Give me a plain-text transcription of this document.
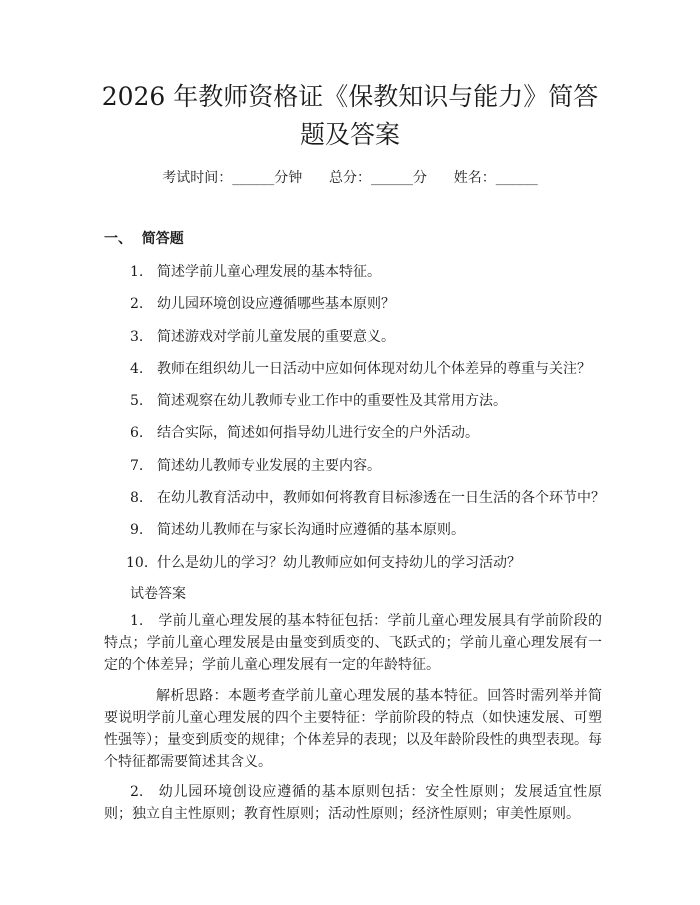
2026 年教师资格证《保教知识与能力》简答题及答案
考试时间：______分钟      总分：______分      姓名：______
一、  简答题
1. 简述学前儿童心理发展的基本特征。
2. 幼儿园环境创设应遵循哪些基本原则？
3. 简述游戏对学前儿童发展的重要意义。
4. 教师在组织幼儿一日活动中应如何体现对幼儿个体差异的尊重与关注？
5. 简述观察在幼儿教师专业工作中的重要性及其常用方法。
6. 结合实际，简述如何指导幼儿进行安全的户外活动。
7. 简述幼儿教师专业发展的主要内容。
8. 在幼儿教育活动中，教师如何将教育目标渗透在一日生活的各个环节中？
9. 简述幼儿教师在与家长沟通时应遵循的基本原则。
10. 什么是幼儿的学习？幼儿教师应如何支持幼儿的学习活动？
试卷答案

1. 学前儿童心理发展的基本特征包括：学前儿童心理发展具有学前阶段的特点；学前儿童心理发展是由量变到质变的、飞跃式的；学前儿童心理发展有一定的个体差异；学前儿童心理发展有一定的年龄特征。

解析思路：本题考查学前儿童心理发展的基本特征。回答时需列举并简要说明学前儿童心理发展的四个主要特征：学前阶段的特点（如快速发展、可塑性强等）；量变到质变的规律；个体差异的表现；以及年龄阶段性的典型表现。每个特征都需要简述其含义。

2. 幼儿园环境创设应遵循的基本原则包括：安全性原则；发展适宜性原则；独立自主性原则；教育性原则；活动性原则；经济性原则；审美性原则。
